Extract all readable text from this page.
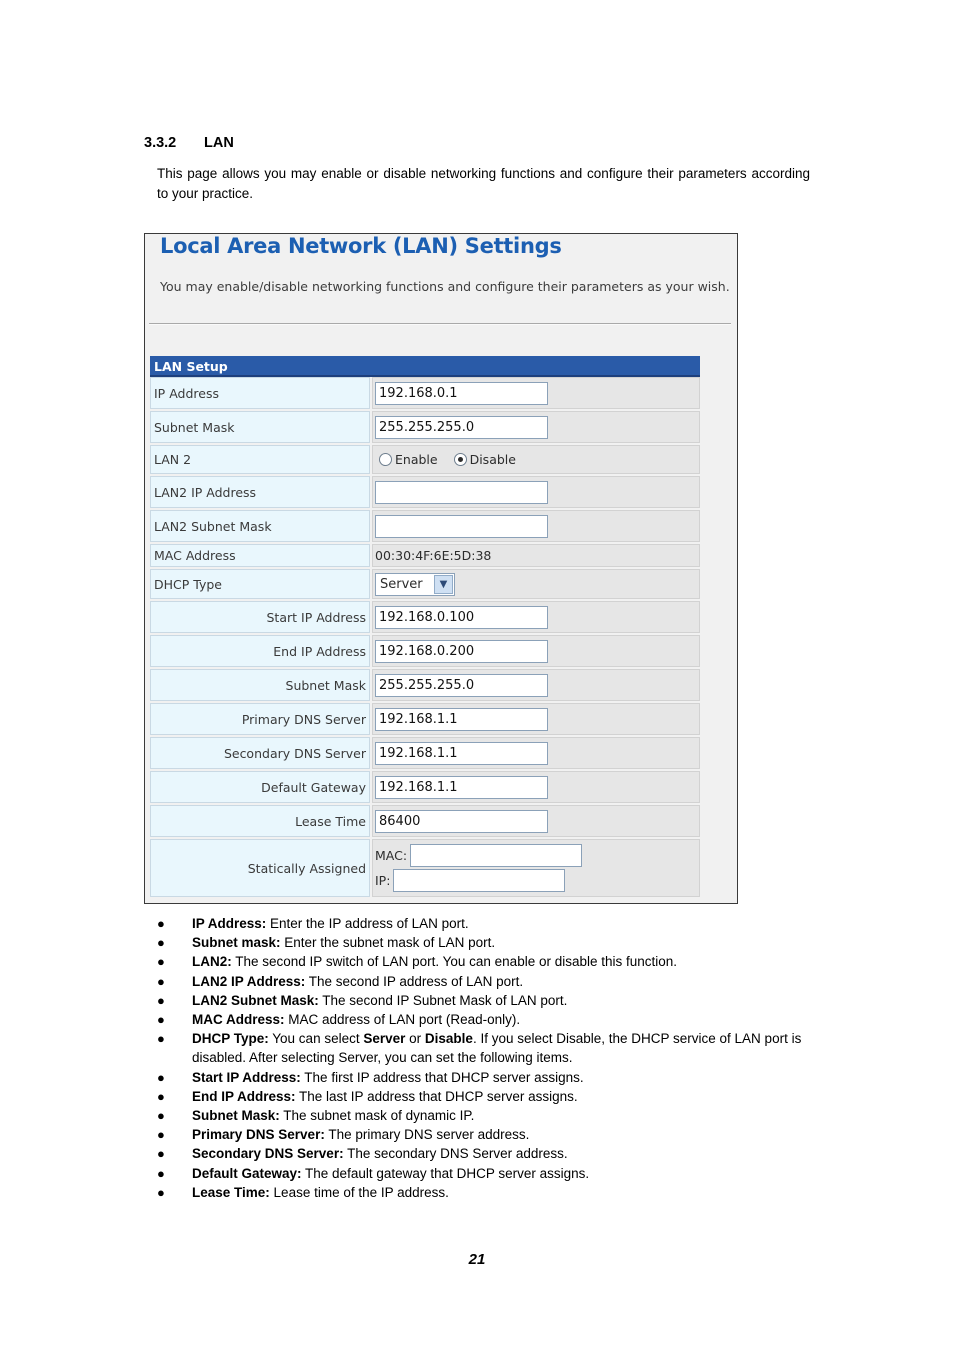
3.3.2 LAN

This page allows you may enable or disable networking functions and configure their parameters according to your practice.

Local Area Network (LAN) Settings
You may enable/disable networking functions and configure their parameters as your wish.
LAN Setup
IP Address	192.168.0.1
Subnet Mask	255.255.255.0
LAN 2	Enable	Disable
LAN2 IP Address
LAN2 Subnet Mask
MAC Address	00:30:4F:6E:5D:38
DHCP Type	Server	▼
Start IP Address	192.168.0.100
End IP Address	192.168.0.200
Subnet Mask	255.255.255.0
Primary DNS Server	192.168.1.1
Secondary DNS Server	192.168.1.1
Default Gateway	192.168.1.1
Lease Time	86400
Statically Assigned
MAC:
IP:
● IP Address: Enter the IP address of LAN port.
● Subnet mask: Enter the subnet mask of LAN port.
● LAN2: The second IP switch of LAN port. You can enable or disable this function.
● LAN2 IP Address: The second IP address of LAN port.
● LAN2 Subnet Mask: The second IP Subnet Mask of LAN port.
● MAC Address: MAC address of LAN port (Read-only).
● DHCP Type: You can select Server or Disable. If you select Disable, the DHCP service of LAN port is disabled. After selecting Server, you can set the following items.
● Start IP Address: The first IP address that DHCP server assigns.
● End IP Address: The last IP address that DHCP server assigns.
● Subnet Mask: The subnet mask of dynamic IP.
● Primary DNS Server: The primary DNS server address.
● Secondary DNS Server: The secondary DNS Server address.
● Default Gateway: The default gateway that DHCP server assigns.
● Lease Time: Lease time of the IP address.
21
